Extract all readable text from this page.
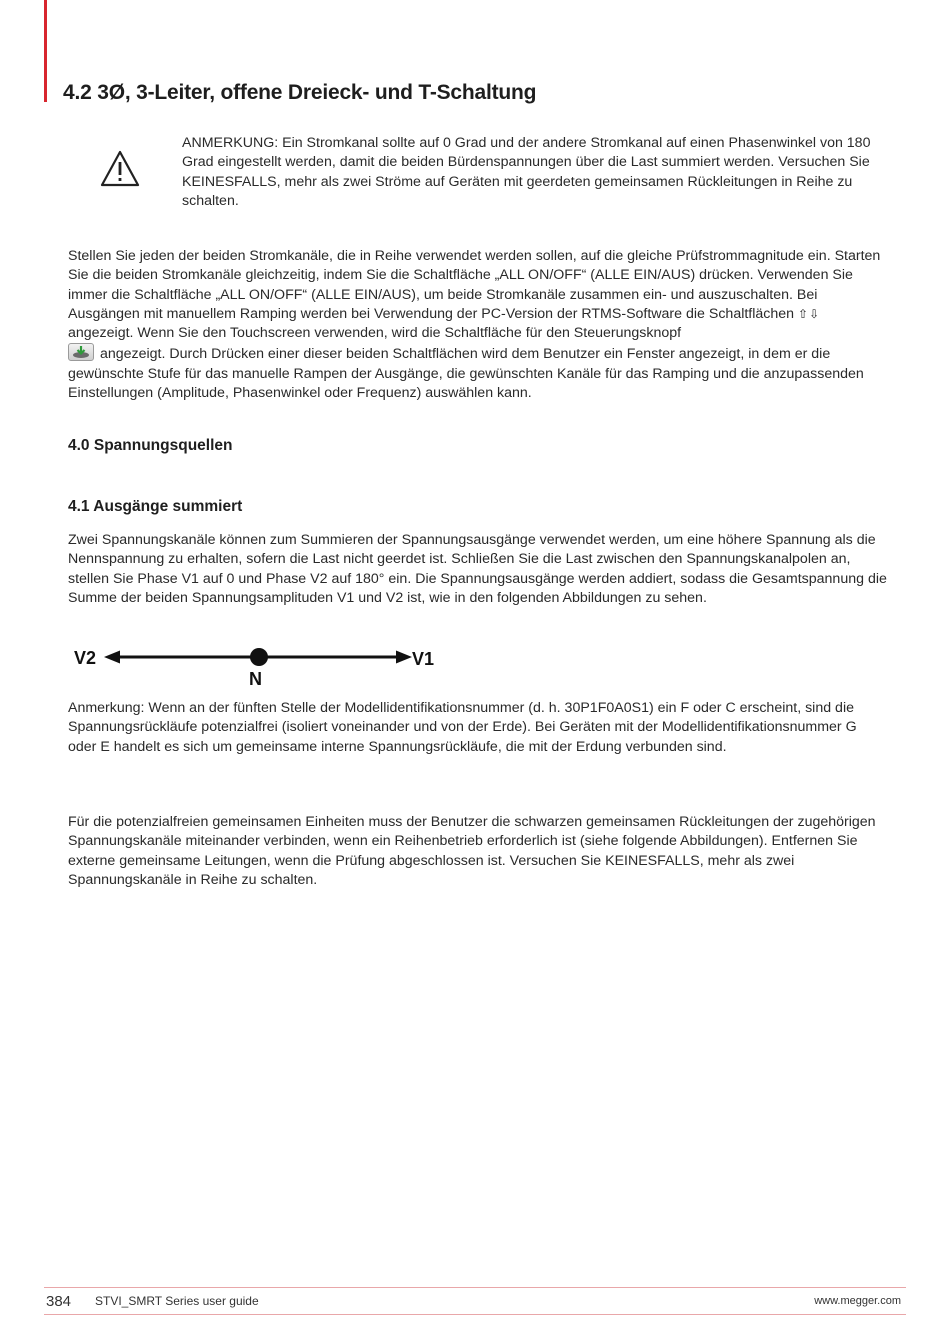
4.2 3Ø, 3-Leiter, offene Dreieck- und T-Schaltung

ANMERKUNG: Ein Stromkanal sollte auf 0 Grad und der andere Stromkanal auf einen Phasenwinkel von 180 Grad eingestellt werden, damit die beiden Bürdenspannungen über die Last summiert werden. Versuchen Sie KEINESFALLS, mehr als zwei Ströme auf Geräten mit geerdeten gemeinsamen Rückleitungen in Reihe zu schalten.

Stellen Sie jeden der beiden Stromkanäle, die in Reihe verwendet werden sollen, auf die gleiche Prüfstrommagnitude ein. Starten Sie die beiden Stromkanäle gleichzeitig, indem Sie die Schaltfläche „ALL ON/OFF“ (ALLE EIN/AUS) drücken. Verwenden Sie immer die Schaltfläche „ALL ON/OFF“ (ALLE EIN/AUS), um beide Stromkanäle zusammen ein- und auszuschalten. Bei Ausgängen mit manuellem Ramping werden bei Verwendung der PC-Version der RTMS-Software die Schaltflächen ⇧⇩ angezeigt. Wenn Sie den Touchscreen verwenden, wird die Schaltfläche für den Steuerungsknopf

angezeigt. Durch Drücken einer dieser beiden Schaltflächen wird dem Benutzer ein Fenster angezeigt, in dem er die gewünschte Stufe für das manuelle Rampen der Ausgänge, die gewünschten Kanäle für das Ramping und die anzupassenden Einstellungen (Amplitude, Phasenwinkel oder Frequenz) auswählen kann.

4.0 Spannungsquellen
4.1 Ausgänge summiert

Zwei Spannungskanäle können zum Summieren der Spannungsausgänge verwendet werden, um eine höhere Spannung als die Nennspannung zu erhalten, sofern die Last nicht geerdet ist. Schließen Sie die Last zwischen den Spannungskanalpolen an, stellen Sie Phase V1 auf 0 und Phase V2 auf 180° ein. Die Spannungsausgänge werden addiert, sodass die Gesamtspannung die Summe der beiden Spannungsamplituden V1 und V2 ist, wie in den folgenden Abbildungen zu sehen.

V2	V1
N

Anmerkung: Wenn an der fünften Stelle der Modellidentifikationsnummer (d. h. 30P1F0A0S1) ein F oder C erscheint, sind die Spannungsrückläufe potenzialfrei (isoliert voneinander und von der Erde). Bei Geräten mit der Modellidentifikationsnummer G oder E handelt es sich um gemeinsame interne Spannungsrückläufe, die mit der Erdung verbunden sind.

Für die potenzialfreien gemeinsamen Einheiten muss der Benutzer die schwarzen gemeinsamen Rückleitungen der zugehörigen Spannungskanäle miteinander verbinden, wenn ein Reihenbetrieb erforderlich ist (siehe folgende Abbildungen). Entfernen Sie externe gemeinsame Leitungen, wenn die Prüfung abgeschlossen ist. Versuchen Sie KEINESFALLS, mehr als zwei Spannungskanäle in Reihe zu schalten.

384 STVI_SMRT Series user guide	www.megger.com
